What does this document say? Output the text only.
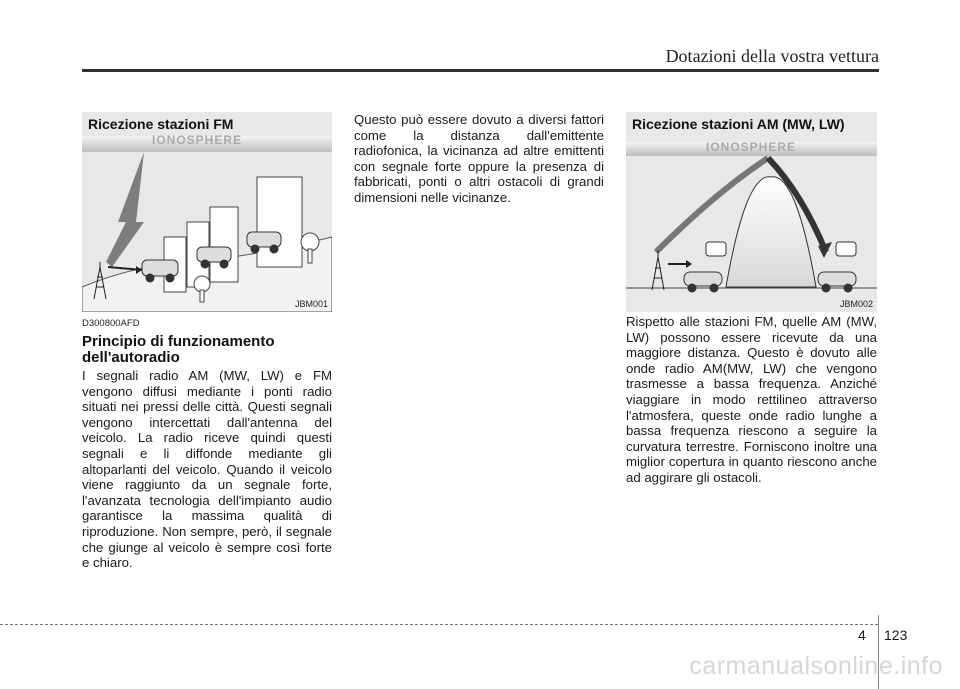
Dotazioni della vostra vettura
Ricezione stazioni FM
IONOSPHERE
JBM001
Ricezione stazioni AM (MW, LW)
IONOSPHERE
JBM002
D300800AFD
Principio di funzionamento dell'autoradio
I segnali radio AM (MW, LW) e FM vengono diffusi mediante i ponti radio situati nei pressi delle città. Questi segnali vengono intercettati dall'antenna del veicolo. La radio riceve quindi questi segnali e li diffonde mediante gli altoparlanti del veicolo. Quando il veicolo viene raggiunto da un segnale forte, l'avanzata tecnologia dell'impianto audio garantisce la massima qualità di riproduzione. Non sempre, però, il segnale che giunge al veicolo è sempre così forte e chiaro.
Questo può essere dovuto a diversi fattori come la distanza dall'emittente radiofonica, la vicinanza ad altre emittenti con segnale forte oppure la presenza di fabbricati, ponti o altri ostacoli di grandi dimensioni nelle vicinanze.
Rispetto alle stazioni FM, quelle AM (MW, LW) possono essere ricevute da una maggiore distanza. Questo è dovuto alle onde radio AM(MW, LW) che vengono trasmesse a bassa frequenza. Anziché viaggiare in modo rettilineo attraverso l'atmosfera, queste onde radio lunghe a bassa frequenza riescono a seguire la curvatura terrestre. Forniscono inoltre una miglior copertura in quanto riescono anche ad aggirare gli ostacoli.
4 123
carmanualsonline.info
